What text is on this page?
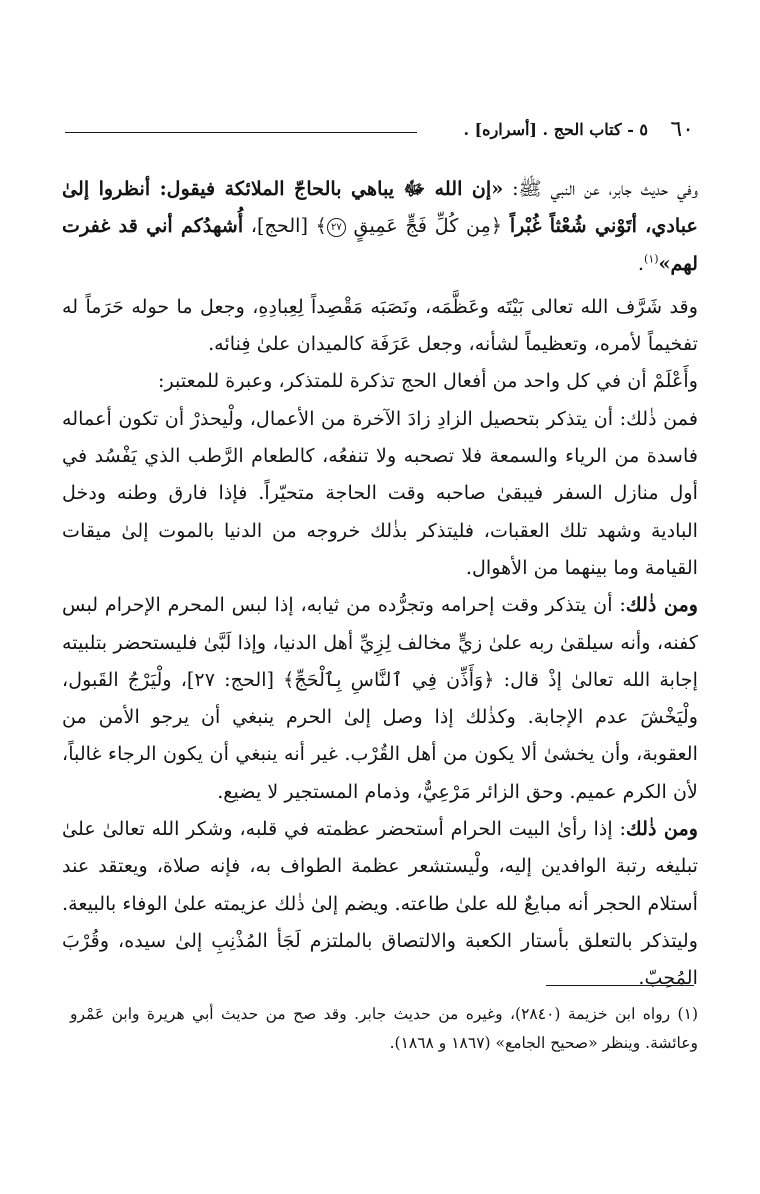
٦٠
٥ - كتاب الحج . [أسراره] .

وفي حديث جابر، عن النبي ﷺ: «إن الله ﷻ يباهي بالحاجّ الملائكة فيقول: أنظروا إلىٰ عبادي، أتَوْني شُعْثاً غُبْراً ﴿مِن كُلِّ فَجٍّ عَمِيقٍ ٢٧﴾ [الحج]، أُشهدُكم أني قد غفرت لهم»$^{(١)}$.

وقد شَرَّف الله تعالى بَيْتَه وعَظَّمَه، ونَصَبَه مَقْصِداً لِعِبادِهِ، وجعل ما حوله حَرَماً له تفخيماً لأمره، وتعظيماً لشأنه، وجعل عَرَفَة كالميدان علىٰ فِنائه.

وأَعْلَمْ أن في كل واحد من أفعال الحج تذكرة للمتذكر، وعبرة للمعتبر:

فمن ذٰلك: أن يتذكر بتحصيل الزادِ زادَ الآخرة من الأعمال، ولْيحذرْ أن تكون أعماله فاسدة من الرياء والسمعة فلا تصحبه ولا تنفعُه، كالطعام الرَّطب الذي يَفْسُد في أول منازل السفر فيبقىٰ صاحبه وقت الحاجة متحيّراً. فإذا فارق وطنه ودخل البادية وشهد تلك العقبات، فليتذكر بذٰلك خروجه من الدنيا بالموت إلىٰ ميقات القيامة وما بينهما من الأهوال.

ومن ذٰلك: أن يتذكر وقت إحرامه وتجرُّده من ثيابه، إذا لبس المحرم الإحرام لبس كفنه، وأنه سيلقىٰ ربه علىٰ زيٍّ مخالف لِزِيِّ أهل الدنيا، وإذا لَبَّىٰ فليستحضر بتلبيته إجابة الله تعالىٰ إذْ قال: ﴿وَأَذِّن فِي ٱلنَّاسِ بِٱلْحَجِّ﴾ [الحج: ٢٧]، ولْيَرْجُ القَبول، ولْيَخْشَ عدم الإجابة. وكذٰلك إذا وصل إلىٰ الحرم ينبغي أن يرجو الأمن من العقوبة، وأن يخشىٰ ألا يكون من أهل القُرْب. غير أنه ينبغي أن يكون الرجاء غالباً، لأن الكرم عميم. وحق الزائر مَرْعِيٌّ، وذمام المستجير لا يضيع.

ومن ذٰلك: إذا رأىٰ البيت الحرام أستحضر عظمته في قلبه، وشكر الله تعالىٰ علىٰ تبليغه رتبة الوافدين إليه، ولْيستشعر عظمة الطواف به، فإنه صلاة، ويعتقد عند أستلام الحجر أنه مبايعٌ لله علىٰ طاعته. ويضم إلىٰ ذٰلك عزيمته علىٰ الوفاء بالبيعة. وليتذكر بالتعلق بأستار الكعبة والالتصاق بالملتزم لَجَأ المُذْنِبِ إلىٰ سيده، وقُرْبَ المُحِبّ.

(١) رواه ابن خزيمة (٢٨٤٠)، وغيره من حديث جابر. وقد صح من حديث أبي هريرة وابن عَمْرو وعائشة. وينظر «صحيح الجامع» (١٨٦٧ و ١٨٦٨).
